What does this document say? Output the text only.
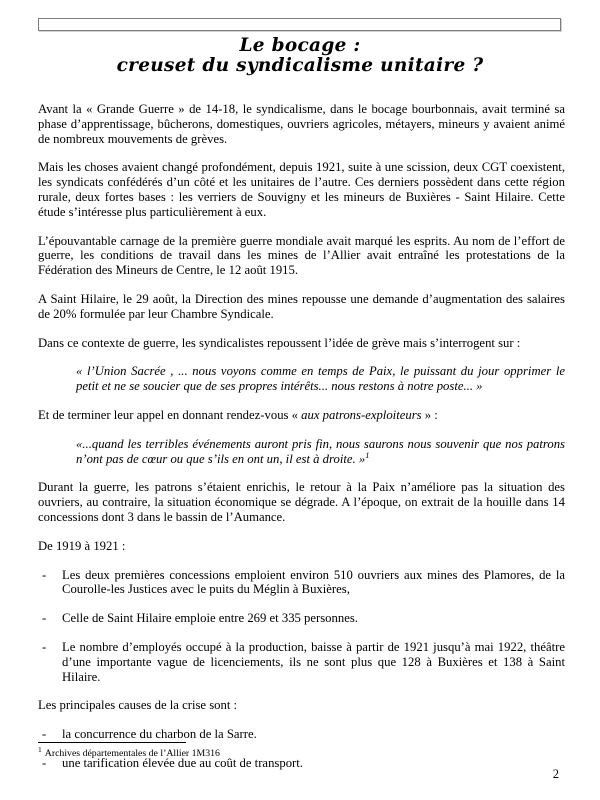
Le bocage :
creuset du syndicalisme unitaire ?
Avant la « Grande Guerre » de 14-18, le syndicalisme, dans le bocage bourbonnais, avait terminé sa phase d’apprentissage, bûcherons, domestiques, ouvriers agricoles, métayers, mineurs y avaient animé de nombreux mouvements de grèves.
Mais les choses avaient changé profondément, depuis 1921, suite à une scission, deux CGT coexistent, les syndicats confédérés d’un côté et les unitaires de l’autre. Ces derniers possèdent dans cette région rurale, deux fortes bases : les verriers de Souvigny et les mineurs de Buxières - Saint Hilaire. Cette étude s’intéresse plus particulièrement à eux.
L’épouvantable carnage de la première guerre mondiale avait marqué les esprits. Au nom de l’effort de guerre, les conditions de travail dans les mines de l’Allier avait entraîné les protestations de la Fédération des Mineurs de Centre, le 12 août 1915.
A Saint Hilaire, le 29 août, la Direction des mines repousse une demande d’augmentation des salaires de 20% formulée par leur Chambre Syndicale.
Dans ce contexte de guerre, les syndicalistes repoussent l’idée de grève mais s’interrogent sur :
« l’Union Sacrée , ... nous voyons comme en temps de Paix, le puissant du jour opprimer le petit et ne se soucier que de ses propres intérêts... nous restons à notre poste... »
Et de terminer leur appel en donnant rendez-vous « aux patrons-exploiteurs » :
«...quand les terribles événements auront pris fin, nous saurons nous souvenir que nos patrons n’ont pas de cœur ou que s’ils en ont un, il est à droite. »$^1$
Durant la guerre, les patrons s’étaient enrichis, le retour à la Paix n’améliore pas la situation des ouvriers, au contraire, la situation économique se dégrade. A l’époque, on extrait de la houille dans 14 concessions dont 3 dans le bassin de l’Aumance.
De 1919 à 1921 :
-	Les deux premières concessions emploient environ 510 ouvriers aux mines des Plamores, de la Courolle-les Justices avec le puits du Méglin à Buxières,
-	Celle de Saint Hilaire emploie entre 269 et 335 personnes.
-	Le nombre d’employés occupé à la production, baisse à partir de 1921 jusqu’à mai 1922, théâtre d’une importante vague de licenciements, ils ne sont plus que 128 à Buxières et 138 à Saint Hilaire.
Les principales causes de la crise sont :
-	la concurrence du charbon de la Sarre.
-	une tarification élevée due au coût de transport.
$^1$ Archives départementales de l’Allier 1M316
2
